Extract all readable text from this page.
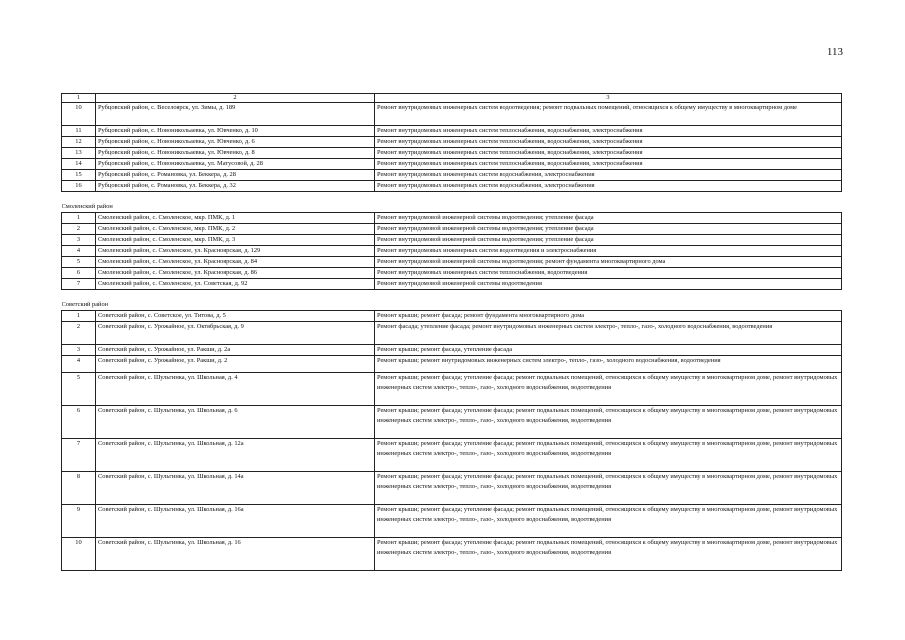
113
1	2	3
10	Рубцовский район, с. Веселоярск, ул. Зимы, д. 189	Ремонт внутридомовых инженерных систем водоотведения; ремонт подвальных помещений, относящихся к общему имуществу в многоквартирном доме
11	Рубцовский район, с. Новоникольаевка, ул. Ювченко, д. 10	Ремонт внутридомовых инженерных систем теплоснабжения, водоснабжения, электроснабжения
12	Рубцовский район, с. Новоникольаевка, ул. Ювченко, д. 6	Ремонт внутридомовых инженерных систем теплоснабжения, водоснабжения, электроснабжения
13	Рубцовский район, с. Новоникольаевка, ул. Ювченко, д. 8	Ремонт внутридомовых инженерных систем теплоснабжения, водоснабжения, электроснабжения
14	Рубцовский район, с. Новоникольаевка, ул. Матусовой, д. 28	Ремонт внутридомовых инженерных систем теплоснабжения, водоснабжения, электроснабжения
15	Рубцовский район, с. Романовка, ул. Беккера, д. 28	Ремонт внутридомовых инженерных систем водоснабжения, электроснабжения
16	Рубцовский район, с. Романовка, ул. Беккера, д. 32	Ремонт внутридомовых инженерных систем водоснабжения, электроснабжения
Смоленский район		
1	Смоленский район, с. Смоленское, мкр. ПМК, д. 1	Ремонт внутридомовой инженерной системы водоотведения; утепление фасада
2	Смоленский район, с. Смоленское, мкр. ПМК, д. 2	Ремонт внутридомовой инженерной системы водоотведения; утепление фасада
3	Смоленский район, с. Смоленское, мкр. ПМК, д. 3	Ремонт внутридомовой инженерной системы водоотведения; утепление фасада
4	Смоленский район, с. Смоленское, ул. Красноярская, д. 129	Ремонт внутридомовых инженерных систем водоотведения и электроснабжения
5	Смоленский район, с. Смоленское, ул. Красноярская, д. 84	Ремонт внутридомовой инженерной системы водоотведения; ремонт фундамента многоквартирного дома
6	Смоленский район, с. Смоленское, ул. Красноярская, д. 86	Ремонт внутридомовых инженерных систем теплоснабжения, водоотведения
7	Смоленский район, с. Смоленское, ул. Советская, д. 92	Ремонт внутридомовой инженерной системы водоотведения
Советский район		
1	Советский район, с. Советское, ул. Титова, д. 5	Ремонт крыши; ремонт фасада; ремонт фундамента многоквартирного дома
2	Советский район, с. Урожайное, ул. Октябрьская, д. 9	Ремонт фасада; утепление фасада; ремонт внутридомовых инженерных систем электро-, тепло-, газо-, холодного водоснабжения, водоотведения
3	Советский район, с. Урожайное, ул. Ракши, д. 2а	Ремонт крыши; ремонт фасада, утепление фасада
4	Советский район, с. Урожайное, ул. Ракши, д. 2	Ремонт крыши; ремонт внутридомовых инженерных систем электро-, тепло-, газо-, холодного водоснабжения, водоотведения
5	Советский район, с. Шульгинка, ул. Школьная, д. 4	Ремонт крыши; ремонт фасада; утепление фасада; ремонт подвальных помещений, относящихся к общему имуществу в многоквартирном доме, ремонт внутридомовых инженерных систем электро-, тепло-, газо-, холодного водоснабжения, водоотведения
6	Советский район, с. Шульгинка, ул. Школьная, д. 6	Ремонт крыши; ремонт фасада; утепление фасада; ремонт подвальных помещений, относящихся к общему имуществу в многоквартирном доме, ремонт внутридомовых инженерных систем электро-, тепло-, газо-, холодного водоснабжения, водоотведения
7	Советский район, с. Шульгинка, ул. Школьная, д. 12а	Ремонт крыши; ремонт фасада; утепление фасада; ремонт подвальных помещений, относящихся к общему имуществу в многоквартирном доме, ремонт внутридомовых инженерных систем электро-, тепло-, газо-, холодного водоснабжения, водоотведения
8	Советский район, с. Шульгинка, ул. Школьная, д. 14а	Ремонт крыши; ремонт фасада; утепление фасада; ремонт подвальных помещений, относящихся к общему имуществу в многоквартирном доме, ремонт внутридомовых инженерных систем электро-, тепло-, газо-, холодного водоснабжения, водоотведения
9	Советский район, с. Шульгинка, ул. Школьная, д. 16а	Ремонт крыши; ремонт фасада; утепление фасада; ремонт подвальных помещений, относящихся к общему имуществу в многоквартирном доме, ремонт внутридомовых инженерных систем электро-, тепло-, газо-, холодного водоснабжения, водоотведения
10	Советский район, с. Шульгинка, ул. Школьная, д. 16	Ремонт крыши; ремонт фасада; утепление фасада; ремонт подвальных помещений, относящихся к общему имуществу в многоквартирном доме, ремонт внутридомовых инженерных систем электро-, тепло-, газо-, холодного водоснабжения, водоотведения
